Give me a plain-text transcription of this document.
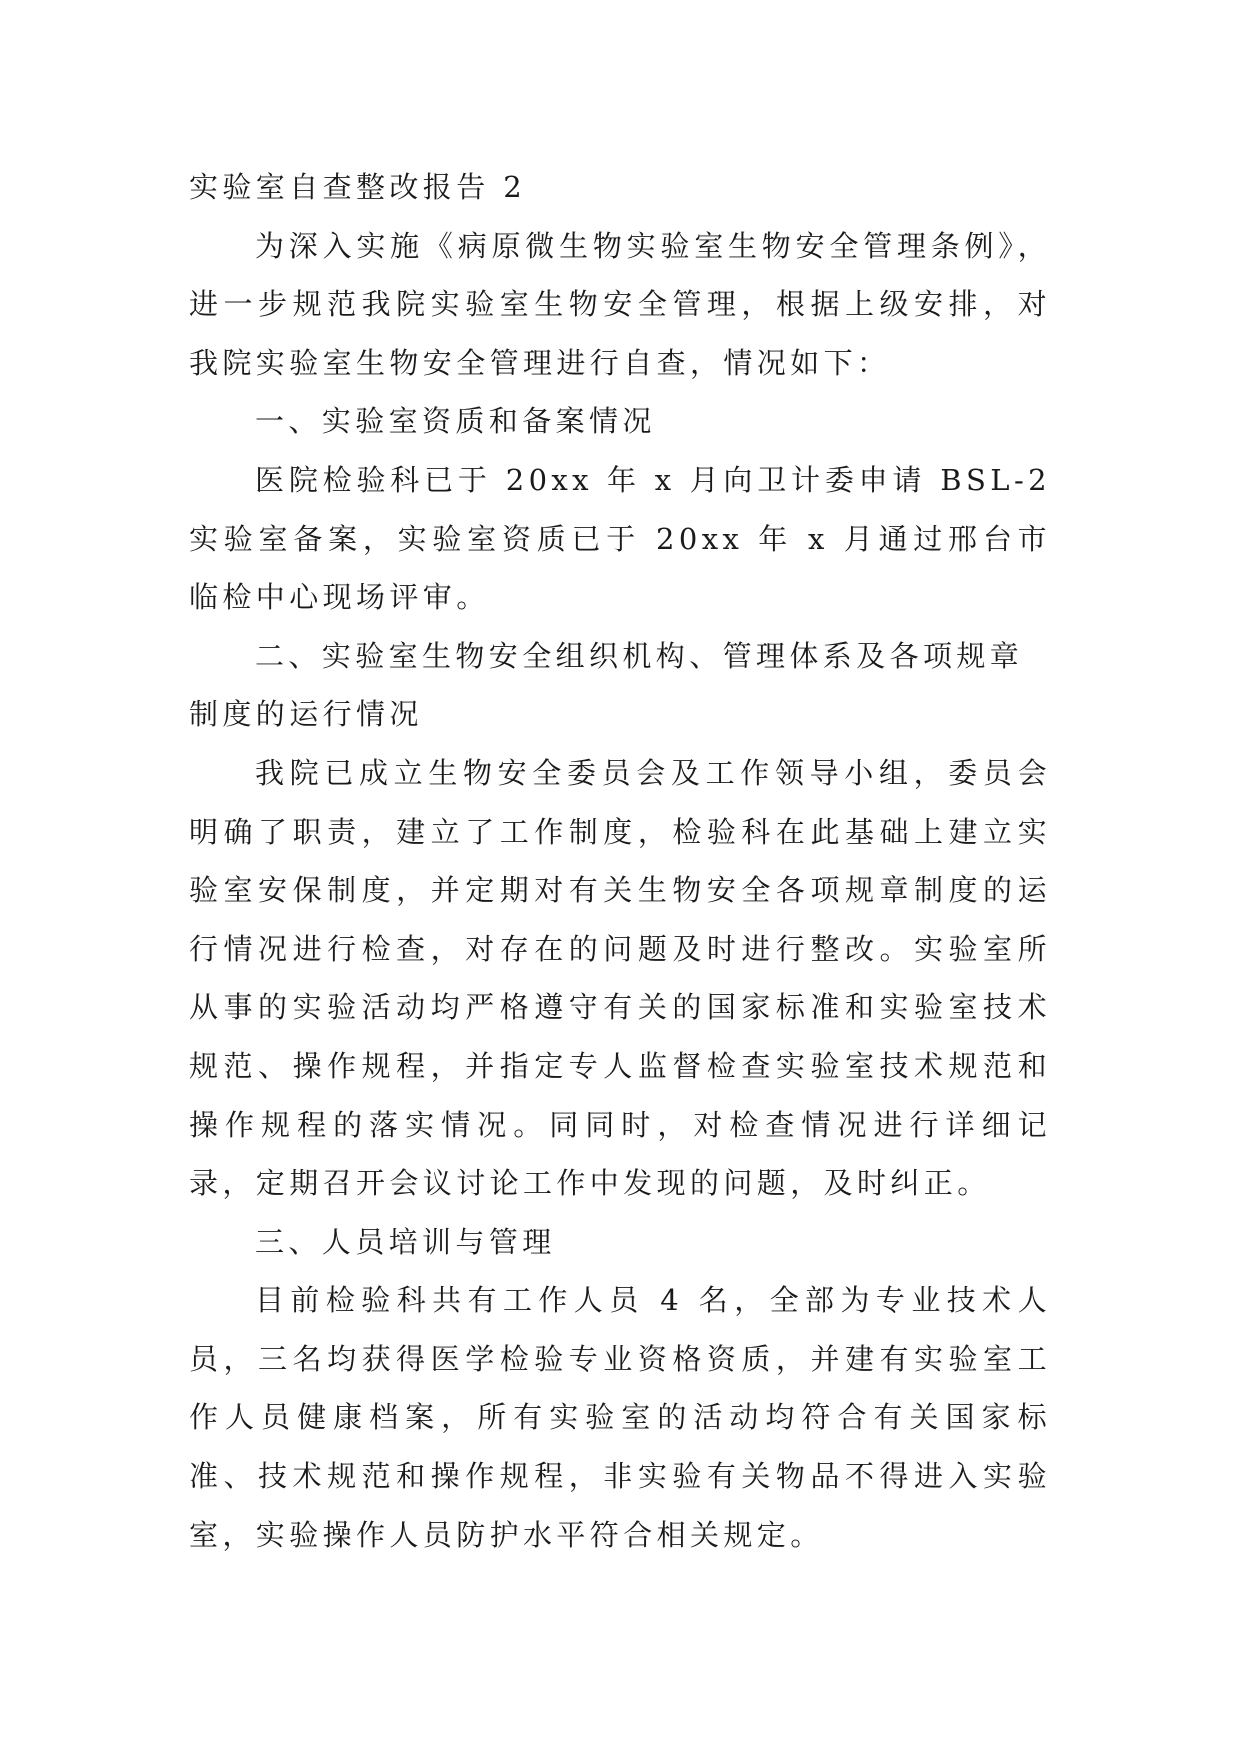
实验室自查整改报告 2

为深入实施《病原微生物实验室生物安全管理条例》，进一步规范我院实验室生物安全管理，根据上级安排，对我院实验室生物安全管理进行自查，情况如下：

一、实验室资质和备案情况

医院检验科已于 20xx 年 x 月向卫计委申请 BSL-2 实验室备案，实验室资质已于 20xx 年 x 月通过邢台市临检中心现场评审。

二、实验室生物安全组织机构、管理体系及各项规章制度的运行情况

我院已成立生物安全委员会及工作领导小组，委员会明确了职责，建立了工作制度，检验科在此基础上建立实验室安保制度，并定期对有关生物安全各项规章制度的运行情况进行检查，对存在的问题及时进行整改。实验室所从事的实验活动均严格遵守有关的国家标准和实验室技术规范、操作规程，并指定专人监督检查实验室技术规范和操作规程的落实情况。同同时，对检查情况进行详细记录，定期召开会议讨论工作中发现的问题，及时纠正。

三、人员培训与管理

目前检验科共有工作人员 4 名，全部为专业技术人员，三名均获得医学检验专业资格资质，并建有实验室工作人员健康档案，所有实验室的活动均符合有关国家标准、技术规范和操作规程，非实验有关物品不得进入实验室，实验操作人员防护水平符合相关规定。
